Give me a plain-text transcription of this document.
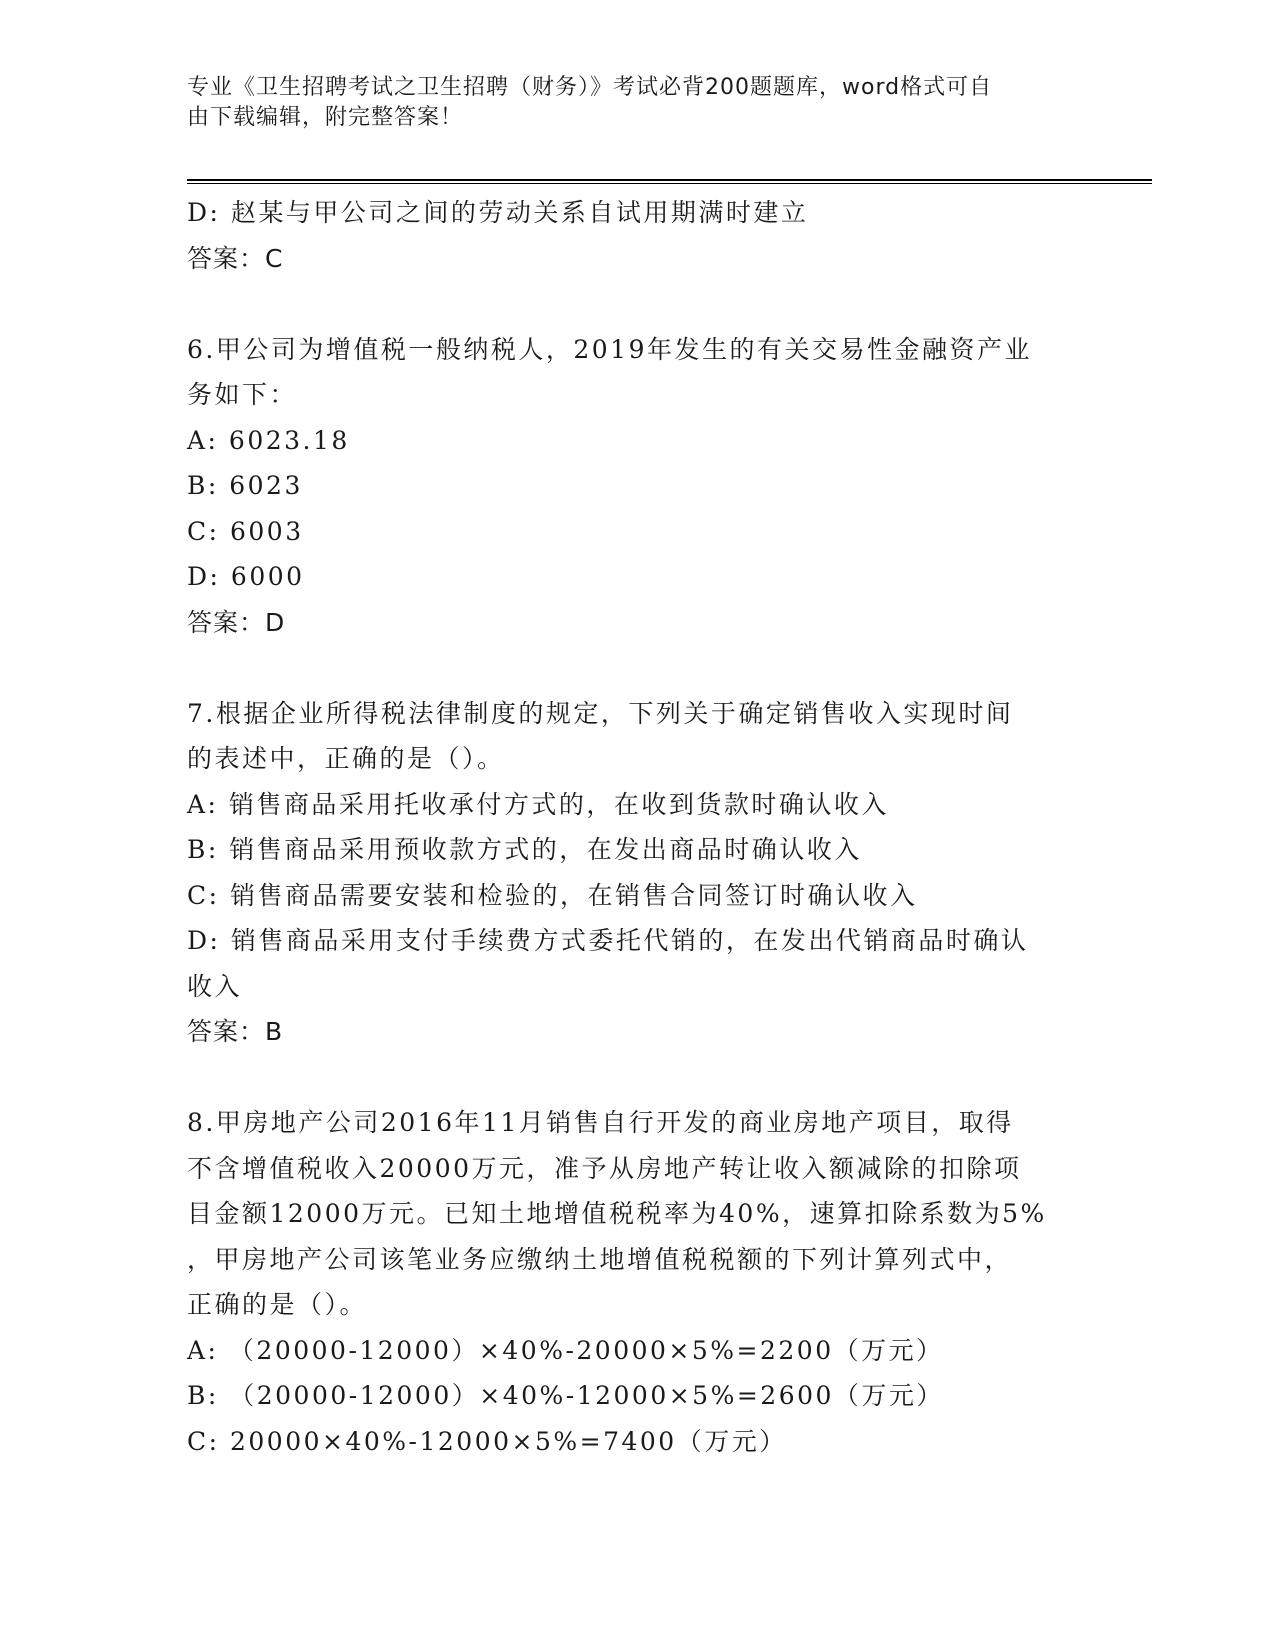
专业《卫生招聘考试之卫生招聘（财务）》考试必背200题题库，word格式可自
由下载编辑，附完整答案！
D: 赵某与甲公司之间的劳动关系自试用期满时建立
答案：C
6.甲公司为增值税一般纳税人，2019年发生的有关交易性金融资产业
务如下：
A: 6023.18
B: 6023
C: 6003
D: 6000
答案：D
7.根据企业所得税法律制度的规定，下列关于确定销售收入实现时间
的表述中，正确的是（）。
A: 销售商品采用托收承付方式的，在收到货款时确认收入
B: 销售商品采用预收款方式的，在发出商品时确认收入
C: 销售商品需要安装和检验的，在销售合同签订时确认收入
D: 销售商品采用支付手续费方式委托代销的，在发出代销商品时确认
收入
答案：B
8.甲房地产公司2016年11月销售自行开发的商业房地产项目，取得
不含增值税收入20000万元，准予从房地产转让收入额减除的扣除项
目金额12000万元。已知土地增值税税率为40%，速算扣除系数为5%
，甲房地产公司该笔业务应缴纳土地增值税税额的下列计算列式中，
正确的是（）。
A: （20000-12000）×40%-20000×5%=2200（万元）
B: （20000-12000）×40%-12000×5%=2600（万元）
C: 20000×40%-12000×5%=7400（万元）
